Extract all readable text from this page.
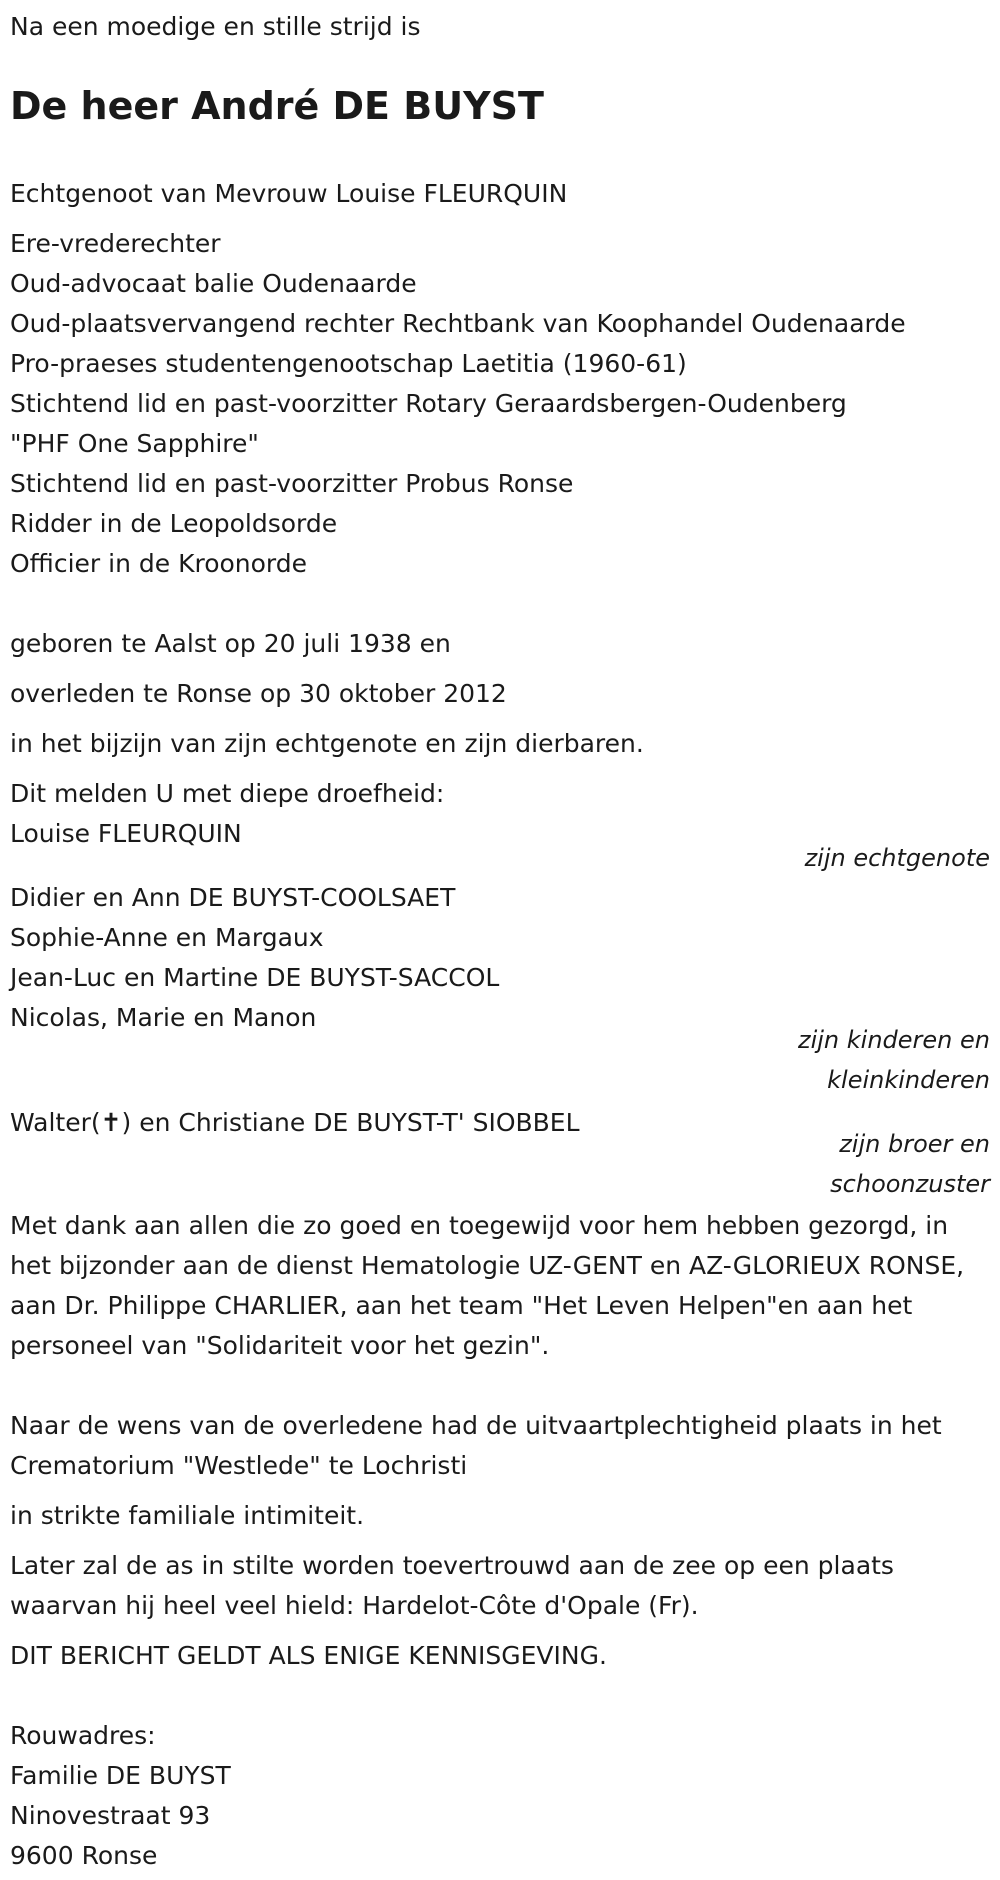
Na een moedige en stille strijd is
De heer André DE BUYST
Echtgenoot van Mevrouw Louise FLEURQUIN
Ere-vrederechter
Oud-advocaat balie Oudenaarde
Oud-plaatsvervangend rechter Rechtbank van Koophandel Oudenaarde
Pro-praeses studentengenootschap Laetitia (1960-61)
Stichtend lid en past-voorzitter Rotary Geraardsbergen-Oudenberg
"PHF One Sapphire"
Stichtend lid en past-voorzitter Probus Ronse
Ridder in de Leopoldsorde
Officier in de Kroonorde
geboren te Aalst op 20 juli 1938 en
overleden te Ronse op 30 oktober 2012
in het bijzijn van zijn echtgenote en zijn dierbaren.
Dit melden U met diepe droefheid:
Louise FLEURQUIN
zijn echtgenote
Didier en Ann DE BUYST-COOLSAET
Sophie-Anne en Margaux
Jean-Luc en Martine DE BUYST-SACCOL
Nicolas, Marie en Manon
zijn kinderen en
kleinkinderen
Walter(✝) en Christiane DE BUYST-T' SIOBBEL
zijn broer en
schoonzuster

Met dank aan allen die zo goed en toegewijd voor hem hebben gezorgd, in het bijzonder aan de dienst Hematologie UZ-GENT en AZ-GLORIEUX RONSE, aan Dr. Philippe CHARLIER, aan het team "Het Leven Helpen"en aan het personeel van "Solidariteit voor het gezin".

Naar de wens van de overledene had de uitvaartplechtigheid plaats in het Crematorium "Westlede" te Lochristi

in strikte familiale intimiteit.

Later zal de as in stilte worden toevertrouwd aan de zee op een plaats waarvan hij heel veel hield: Hardelot-Côte d'Opale (Fr).

DIT BERICHT GELDT ALS ENIGE KENNISGEVING.
Rouwadres:
Familie DE BUYST
Ninovestraat 93
9600 Ronse
